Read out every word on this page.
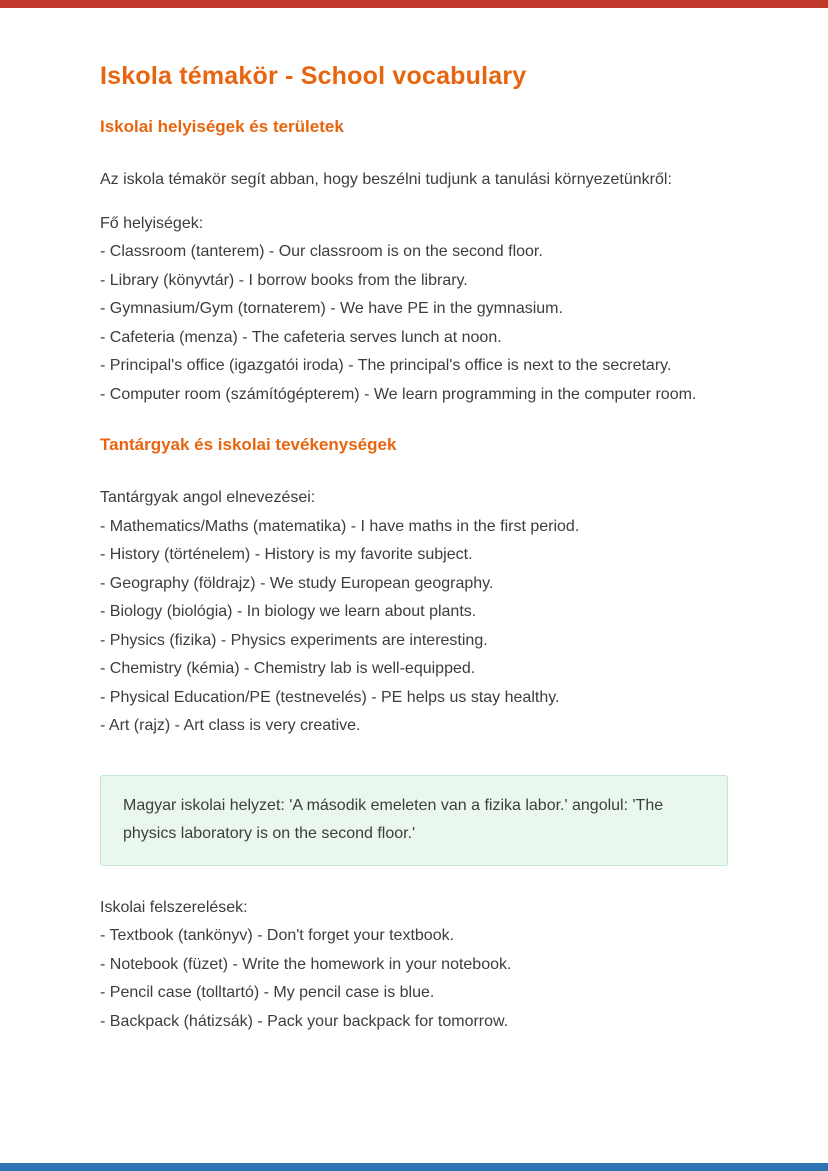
Iskola témakör - School vocabulary
Iskolai helyiségek és területek

Az iskola témakör segít abban, hogy beszélni tudjunk a tanulási környezetünkről:

Fő helyiségek:

- Classroom (tanterem) - Our classroom is on the second floor.

- Library (könyvtár) - I borrow books from the library.

- Gymnasium/Gym (tornaterem) - We have PE in the gymnasium.

- Cafeteria (menza) - The cafeteria serves lunch at noon.

- Principal's office (igazgatói iroda) - The principal's office is next to the secretary.

- Computer room (számítógépterem) - We learn programming in the computer room.

Tantárgyak és iskolai tevékenységek

Tantárgyak angol elnevezései:

- Mathematics/Maths (matematika) - I have maths in the first period.

- History (történelem) - History is my favorite subject.

- Geography (földrajz) - We study European geography.

- Biology (biológia) - In biology we learn about plants.

- Physics (fizika) - Physics experiments are interesting.

- Chemistry (kémia) - Chemistry lab is well-equipped.

- Physical Education/PE (testnevelés) - PE helps us stay healthy.

- Art (rajz) - Art class is very creative.

Magyar iskolai helyzet: 'A második emeleten van a fizika labor.' angolul: 'The physics laboratory is on the second floor.'

Iskolai felszerelések:

- Textbook (tankönyv) - Don't forget your textbook.

- Notebook (füzet) - Write the homework in your notebook.

- Pencil case (tolltartó) - My pencil case is blue.

- Backpack (hátizsák) - Pack your backpack for tomorrow.
